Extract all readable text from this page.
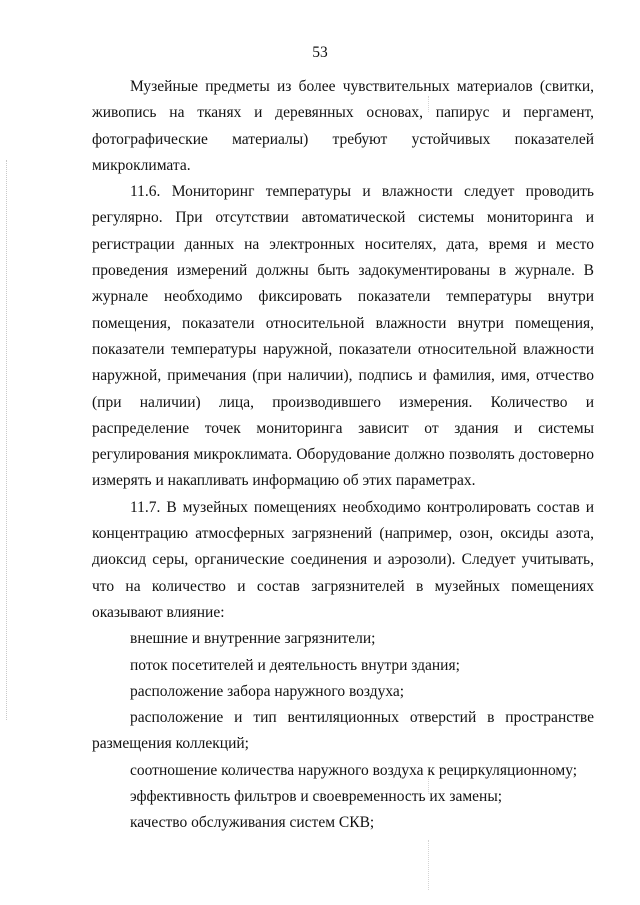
53

Музейные предметы из более чувствительных материалов (свитки, живопись на тканях и деревянных основах, папирус и пергамент, фотографические материалы) требуют устойчивых показателей микроклимата.

11.6. Мониторинг температуры и влажности следует проводить регулярно. При отсутствии автоматической системы мониторинга и регистрации данных на электронных носителях, дата, время и место проведения измерений должны быть задокументированы в журнале. В журнале необходимо фиксировать показатели температуры внутри помещения, показатели относительной влажности внутри помещения, показатели температуры наружной, показатели относительной влажности наружной, примечания (при наличии), подпись и фамилия, имя, отчество (при наличии) лица, производившего измерения. Количество и распределение точек мониторинга зависит от здания и системы регулирования микроклимата. Оборудование должно позволять достоверно измерять и накапливать информацию об этих параметрах.

11.7. В музейных помещениях необходимо контролировать состав и концентрацию атмосферных загрязнений (например, озон, оксиды азота, диоксид серы, органические соединения и аэрозоли). Следует учитывать, что на количество и состав загрязнителей в музейных помещениях оказывают влияние:

внешние и внутренние загрязнители;

поток посетителей и деятельность внутри здания;

расположение забора наружного воздуха;

расположение и тип вентиляционных отверстий в пространстве размещения коллекций;

соотношение количества наружного воздуха к рециркуляционному;

эффективность фильтров и своевременность их замены;

качество обслуживания систем СКВ;
